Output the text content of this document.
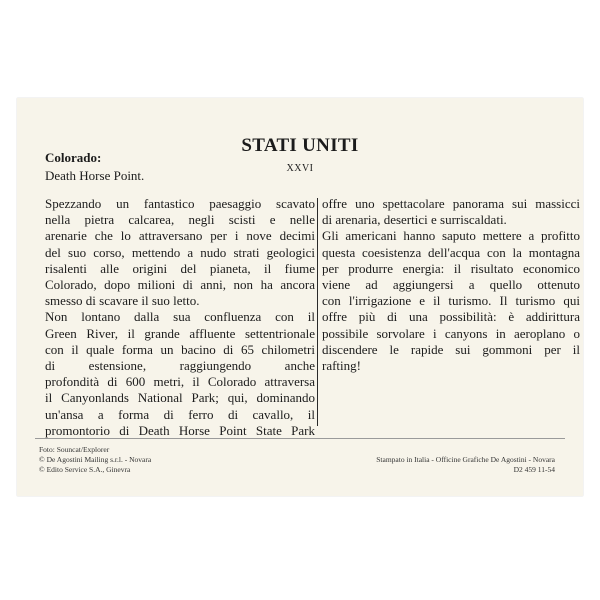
STATI UNITI
XXVI
Colorado:
Death Horse Point.
Spezzando un fantastico paesaggio scavato
nella pietra calcarea, negli scisti e nelle
arenarie che lo attraversano per i nove decimi
del suo corso, mettendo a nudo strati geologici
risalenti alle origini del pianeta, il fiume
Colorado, dopo milioni di anni, non ha ancora
smesso di scavare il suo letto.
Non lontano dalla sua confluenza con il
Green River, il grande affluente settentrionale
con il quale forma un bacino di 65 chilometri
di estensione, raggiungendo anche
profondità di 600 metri, il Colorado attraversa
il Canyonlands National Park; qui, dominando
un'ansa a forma di ferro di cavallo, il
promontorio di Death Horse Point State Park
offre uno spettacolare panorama sui massicci
di arenaria, desertici e surriscaldati.
Gli americani hanno saputo mettere a profitto
questa coesistenza dell'acqua con la montagna
per produrre energia: il risultato economico
viene ad aggiungersi a quello ottenuto
con l'irrigazione e il turismo. Il turismo qui
offre più di una possibilità: è addirittura
possibile sorvolare i canyons in aeroplano o
discendere le rapide sui gommoni per il
rafting!
Foto: Souncat/Explorer
© De Agostini Mailing s.r.l. - Novara
© Edito Service S.A., Ginevra
Stampato in Italia - Officine Grafiche De Agostini - Novara
D2 459 11-54
